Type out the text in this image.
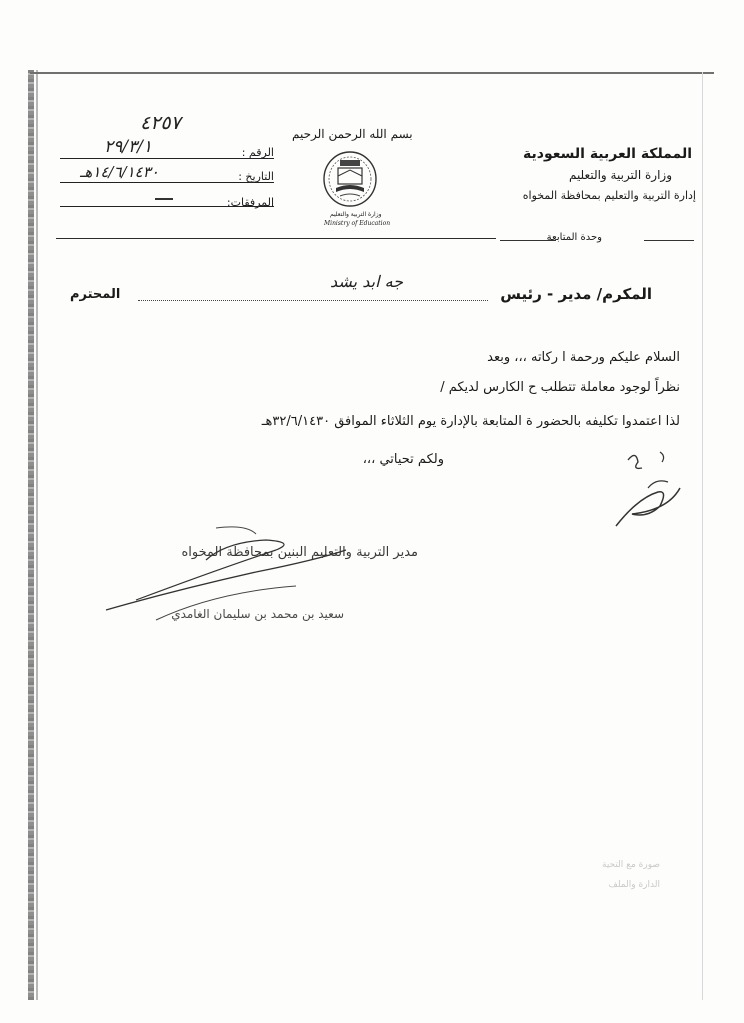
المملكة العربية السعودية
وزارة التربية والتعليم
إدارة التربية والتعليم بمحافظة المخواه
وحدة المتابعة
بسم الله الرحمن الرحيم
وزارة التربية والتعليم
Ministry of Education
الرقم :
التاريخ :
المرفقات:
٤٢٥٧
٢٩/٣/١
١٤/٦/١٤٣٠هـ
المكرم/ مدير - رئيس
جه ابد يشد
المحترم
السلام عليكم ورحمة ا ركاته ،،، وبعد
نظراً لوجود معاملة تتطلب ح الكارس لديكم /
لذا اعتمدوا تكليفه بالحضور ة المتابعة بالإدارة يوم الثلاثاء الموافق ٣٢/٦/١٤٣٠هـ
ولكم تحياتي ،،،
مدير التربية والتعليم البنين بمحافظة المخواه
سعيد بن محمد بن سليمان الغامدي
صورة مع التحية
الدارة والملف
